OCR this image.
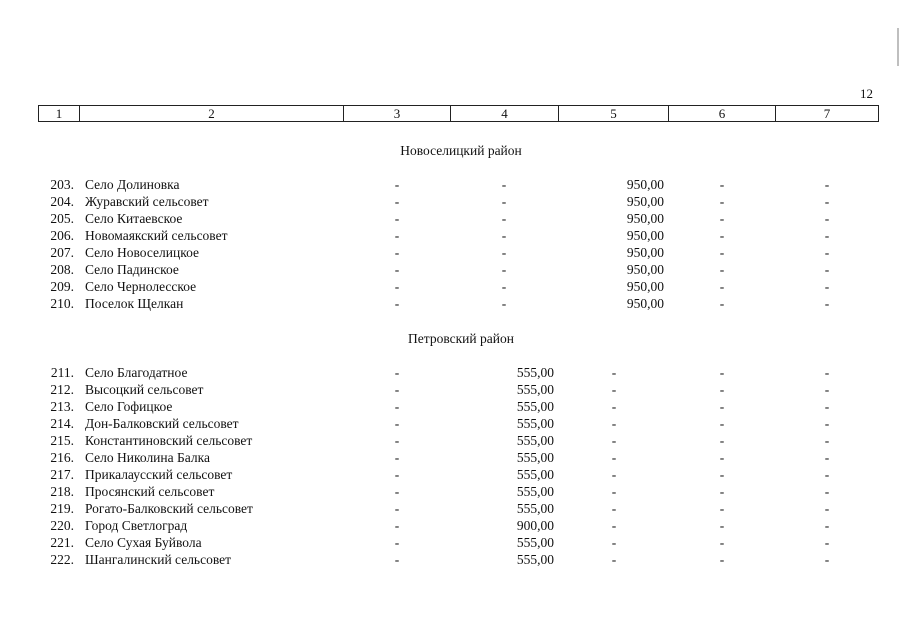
12
1	2	3	4	5	6	7
Новоселицкий район
203. Село Долиновка	-	-	950,00	-	-
204. Журавский сельсовет	-	-	950,00	-	-
205. Село Китаевское	-	-	950,00	-	-
206. Новомаякский сельсовет	-	-	950,00	-	-
207. Село Новоселицкое	-	-	950,00	-	-
208. Село Падинское	-	-	950,00	-	-
209. Село Чернолесское	-	-	950,00	-	-
210. Поселок Щелкан	-	-	950,00	-	-
Петровский район
211. Село Благодатное	-	555,00	-	-	-
212. Высоцкий сельсовет	-	555,00	-	-	-
213. Село Гофицкое	-	555,00	-	-	-
214. Дон-Балковский сельсовет	-	555,00	-	-	-
215. Константиновский сельсовет	-	555,00	-	-	-
216. Село Николина Балка	-	555,00	-	-	-
217. Прикалаусский сельсовет	-	555,00	-	-	-
218. Просянский сельсовет	-	555,00	-	-	-
219. Рогато-Балковский сельсовет	-	555,00	-	-	-
220. Город Светлоград	-	900,00	-	-	-
221. Село Сухая Буйвола	-	555,00	-	-	-
222. Шангалинский сельсовет	-	555,00	-	-	-
